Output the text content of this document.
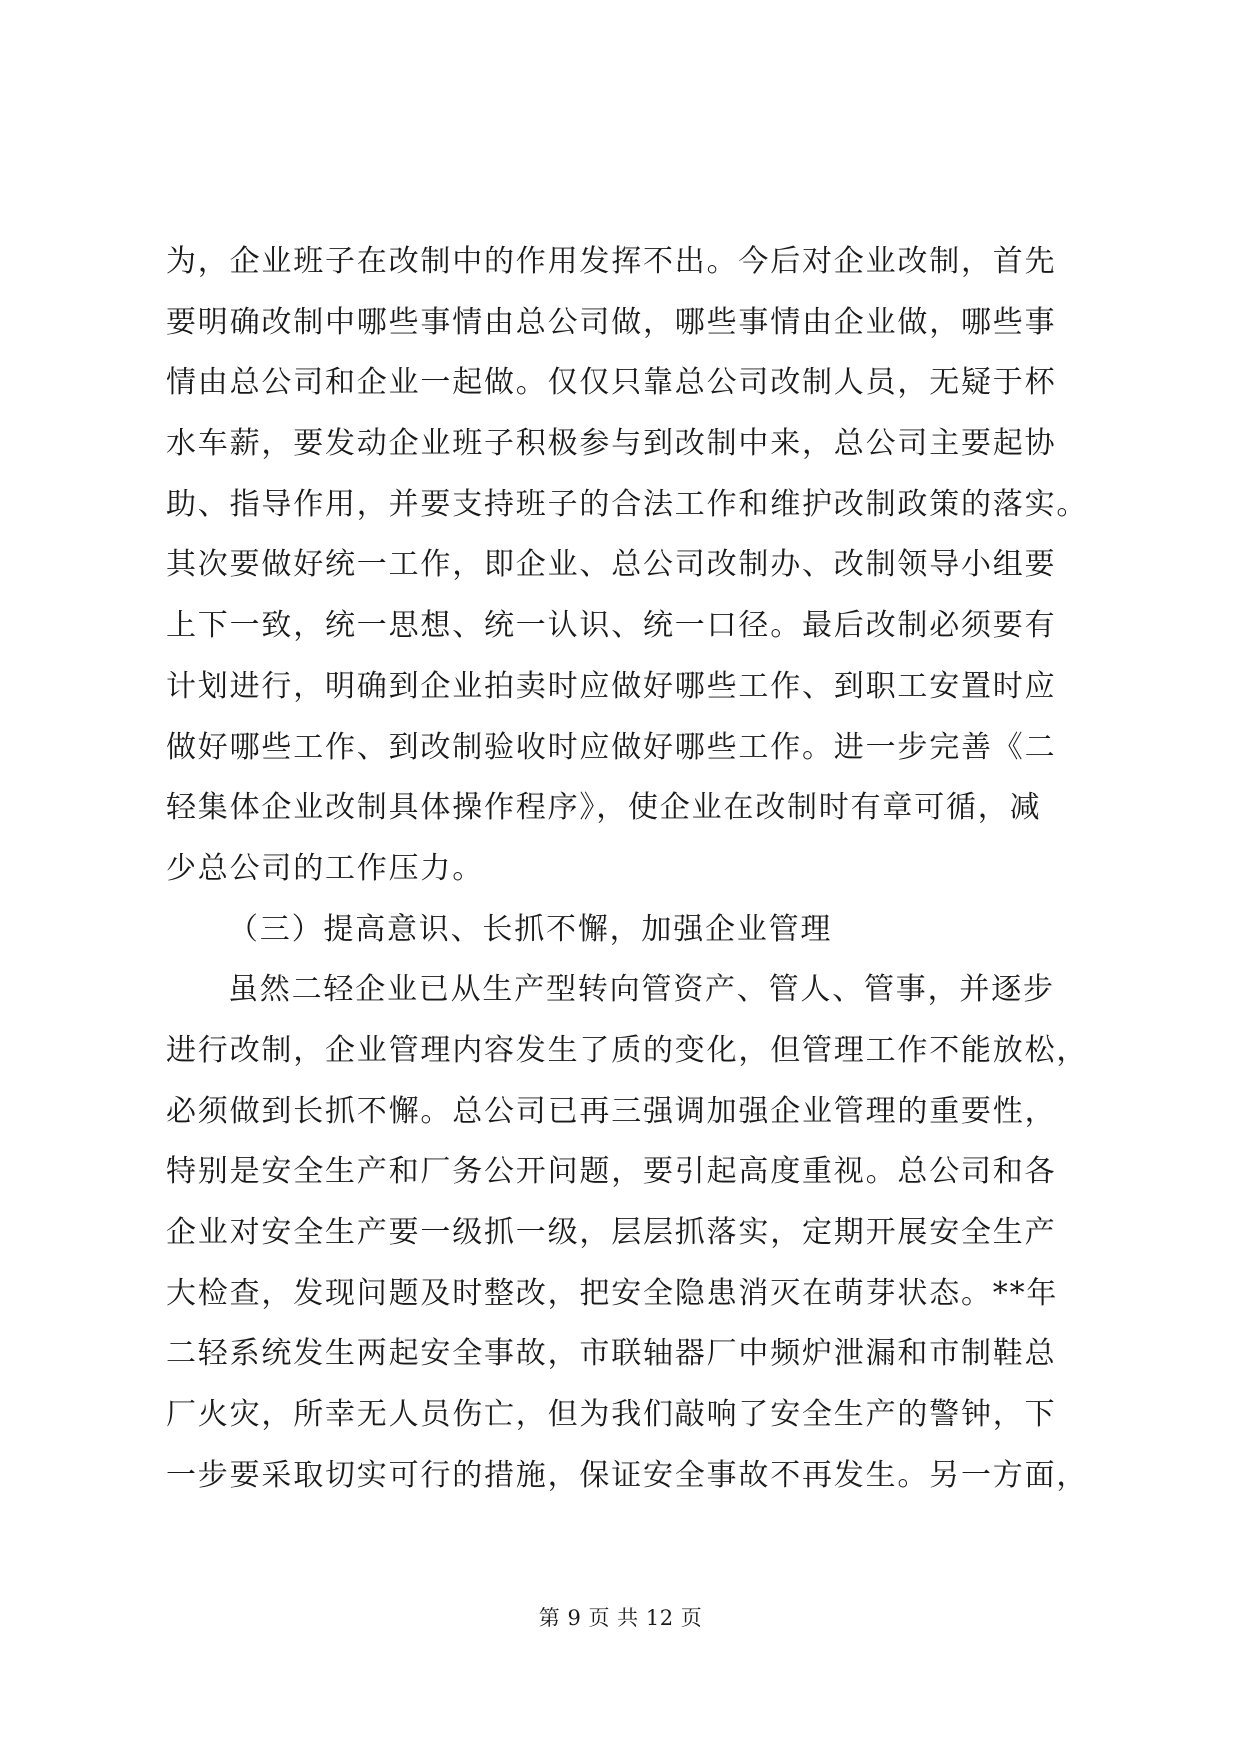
为，企业班子在改制中的作用发挥不出。今后对企业改制，首先
要明确改制中哪些事情由总公司做，哪些事情由企业做，哪些事
情由总公司和企业一起做。仅仅只靠总公司改制人员，无疑于杯
水车薪，要发动企业班子积极参与到改制中来，总公司主要起协
助、指导作用，并要支持班子的合法工作和维护改制政策的落实。
其次要做好统一工作，即企业、总公司改制办、改制领导小组要
上下一致，统一思想、统一认识、统一口径。最后改制必须要有
计划进行，明确到企业拍卖时应做好哪些工作、到职工安置时应
做好哪些工作、到改制验收时应做好哪些工作。进一步完善《二
轻集体企业改制具体操作程序》，使企业在改制时有章可循，减
少总公司的工作压力。
（三）提高意识、长抓不懈，加强企业管理
虽然二轻企业已从生产型转向管资产、管人、管事，并逐步
进行改制，企业管理内容发生了质的变化，但管理工作不能放松，
必须做到长抓不懈。总公司已再三强调加强企业管理的重要性，
特别是安全生产和厂务公开问题，要引起高度重视。总公司和各
企业对安全生产要一级抓一级，层层抓落实，定期开展安全生产
大检查，发现问题及时整改，把安全隐患消灭在萌芽状态。**年
二轻系统发生两起安全事故，市联轴器厂中频炉泄漏和市制鞋总
厂火灾，所幸无人员伤亡，但为我们敲响了安全生产的警钟，下
一步要采取切实可行的措施，保证安全事故不再发生。另一方面，
第 9 页 共 12 页
